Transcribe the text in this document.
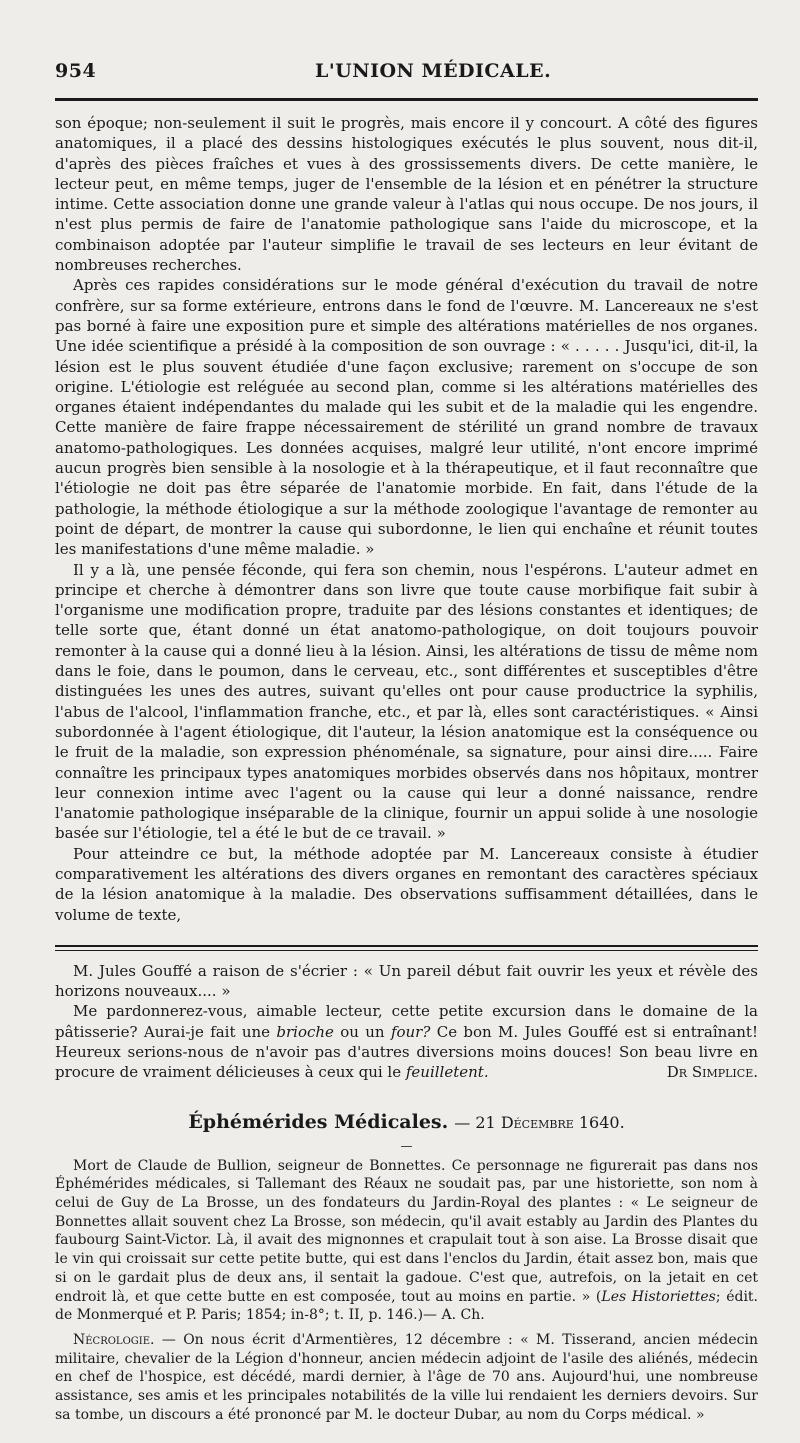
954	L'UNION MÉDICALE.

son époque; non-seulement il suit le progrès, mais encore il y concourt. A côté des figures anatomiques, il a placé des dessins histologiques exécutés le plus souvent, nous dit-il, d'après des pièces fraîches et vues à des grossissements divers. De cette manière, le lecteur peut, en même temps, juger de l'ensemble de la lésion et en pénétrer la structure intime. Cette association donne une grande valeur à l'atlas qui nous occupe. De nos jours, il n'est plus permis de faire de l'anatomie pathologique sans l'aide du microscope, et la combinaison adoptée par l'auteur simplifie le travail de ses lecteurs en leur évitant de nombreuses recherches.

Après ces rapides considérations sur le mode général d'exécution du travail de notre confrère, sur sa forme extérieure, entrons dans le fond de l'œuvre. M. Lancereaux ne s'est pas borné à faire une exposition pure et simple des altérations matérielles de nos organes. Une idée scientifique a présidé à la composition de son ouvrage : « . . . . . Jusqu'ici, dit-il, la lésion est le plus souvent étudiée d'une façon exclusive; rarement on s'occupe de son origine. L'étiologie est reléguée au second plan, comme si les altérations matérielles des organes étaient indépendantes du malade qui les subit et de la maladie qui les engendre. Cette manière de faire frappe nécessairement de stérilité un grand nombre de travaux anatomo-pathologiques. Les données acquises, malgré leur utilité, n'ont encore imprimé aucun progrès bien sensible à la nosologie et à la thérapeutique, et il faut reconnaître que l'étiologie ne doit pas être séparée de l'anatomie morbide. En fait, dans l'étude de la pathologie, la méthode étiologique a sur la méthode zoologique l'avantage de remonter au point de départ, de montrer la cause qui subordonne, le lien qui enchaîne et réunit toutes les manifestations d'une même maladie. »

Il y a là, une pensée féconde, qui fera son chemin, nous l'espérons. L'auteur admet en principe et cherche à démontrer dans son livre que toute cause morbifique fait subir à l'organisme une modification propre, traduite par des lésions constantes et identiques; de telle sorte que, étant donné un état anatomo-pathologique, on doit toujours pouvoir remonter à la cause qui a donné lieu à la lésion. Ainsi, les altérations de tissu de même nom dans le foie, dans le poumon, dans le cerveau, etc., sont différentes et susceptibles d'être distinguées les unes des autres, suivant qu'elles ont pour cause productrice la syphilis, l'abus de l'alcool, l'inflammation franche, etc., et par là, elles sont caractéristiques. « Ainsi subordonnée à l'agent étiologique, dit l'auteur, la lésion anatomique est la conséquence ou le fruit de la maladie, son expression phénoménale, sa signature, pour ainsi dire..... Faire connaître les principaux types anatomiques morbides observés dans nos hôpitaux, montrer leur connexion intime avec l'agent ou la cause qui leur a donné naissance, rendre l'anatomie pathologique inséparable de la clinique, fournir un appui solide à une nosologie basée sur l'étiologie, tel a été le but de ce travail. »

Pour atteindre ce but, la méthode adoptée par M. Lancereaux consiste à étudier comparativement les altérations des divers organes en remontant des caractères spéciaux de la lésion anatomique à la maladie. Des observations suffisamment détaillées, dans le volume de texte,

M. Jules Gouffé a raison de s'écrier : « Un pareil début fait ouvrir les yeux et révèle des horizons nouveaux.... »

Me pardonnerez-vous, aimable lecteur, cette petite excursion dans le domaine de la pâtisserie? Aurai-je fait une brioche ou un four? Ce bon M. Jules Gouffé est si entraînant! Heureux serions-nous de n'avoir pas d'autres diversions moins douces! Son beau livre en procure de vraiment délicieuses à ceux qui le feuilletent.	Dr Simplice.

Éphémérides Médicales. — 21 Décembre 1640.
—

Mort de Claude de Bullion, seigneur de Bonnettes. Ce personnage ne figurerait pas dans nos Éphémérides médicales, si Tallemant des Réaux ne soudait pas, par une historiette, son nom à celui de Guy de La Brosse, un des fondateurs du Jardin-Royal des plantes : « Le seigneur de Bonnettes allait souvent chez La Brosse, son médecin, qu'il avait estably au Jardin des Plantes du faubourg Saint-Victor. Là, il avait des mignonnes et crapulait tout à son aise. La Brosse disait que le vin qui croissait sur cette petite butte, qui est dans l'enclos du Jardin, était assez bon, mais que si on le gardait plus de deux ans, il sentait la gadoue. C'est que, autrefois, on la jetait en cet endroit là, et que cette butte en est composée, tout au moins en partie. » (Les Historiettes; édit. de Monmerqué et P. Paris; 1854; in-8°; t. II, p. 146.)— A. Ch.

Nécrologie. — On nous écrit d'Armentières, 12 décembre : « M. Tisserand, ancien médecin militaire, chevalier de la Légion d'honneur, ancien médecin adjoint de l'asile des aliénés, médecin en chef de l'hospice, est décédé, mardi dernier, à l'âge de 70 ans. Aujourd'hui, une nombreuse assistance, ses amis et les principales notabilités de la ville lui rendaient les derniers devoirs. Sur sa tombe, un discours a été prononcé par M. le docteur Dubar, au nom du Corps médical. »
